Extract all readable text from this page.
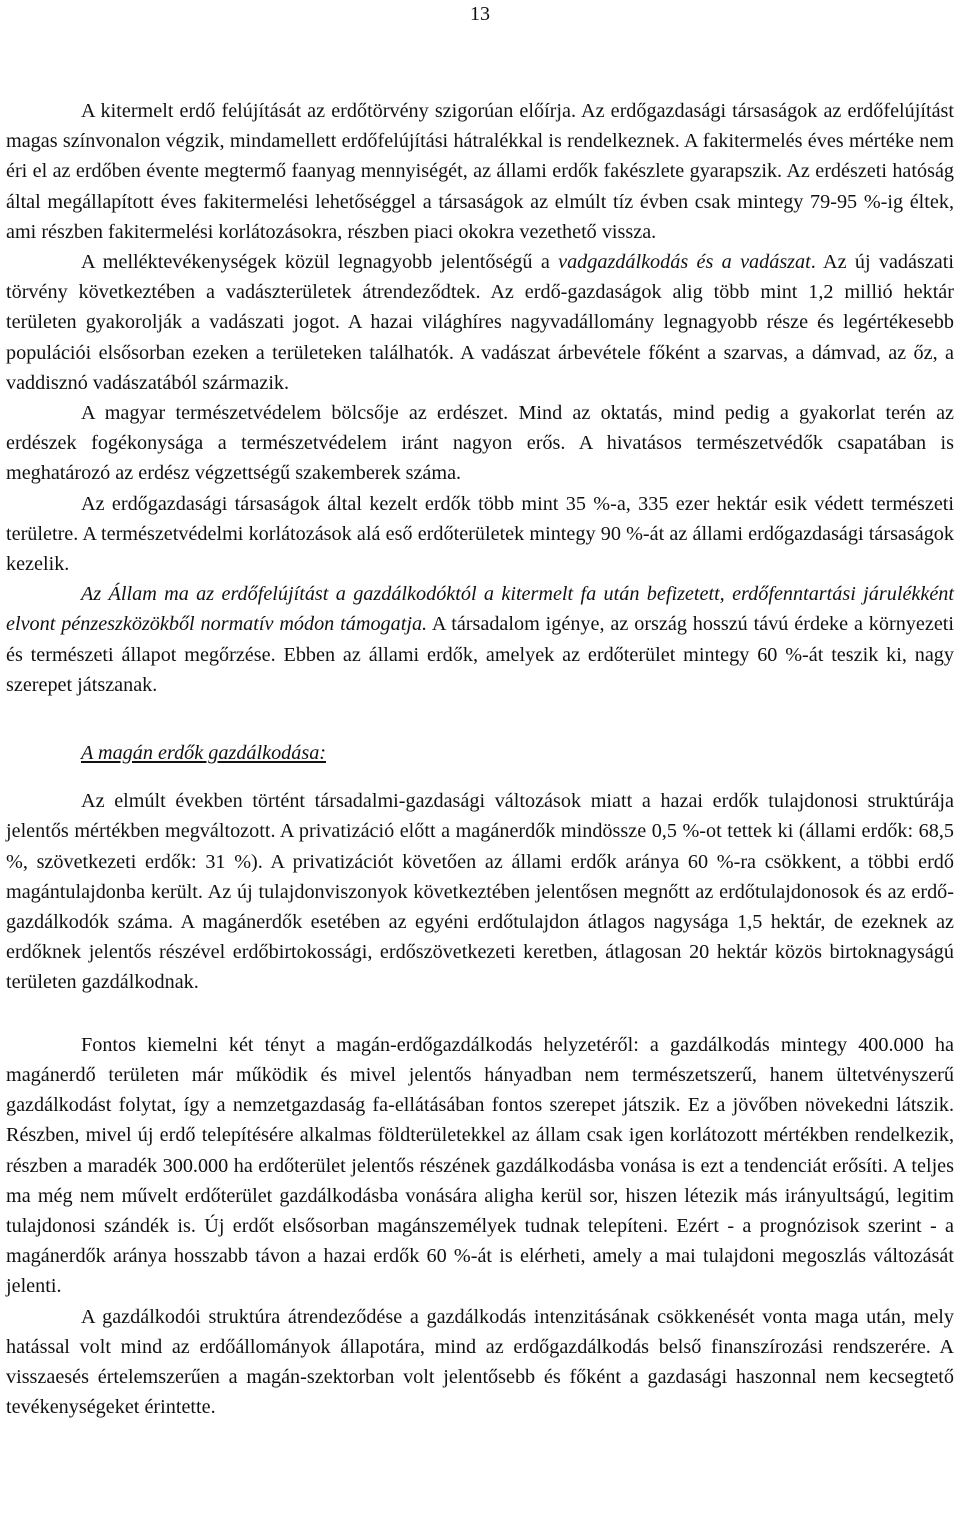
13

A kitermelt erdő felújítását az erdőtörvény szigorúan előírja. Az erdőgazdasági társaságok az erdőfelújítást magas színvonalon végzik, mindamellett erdőfelújítási hátralékkal is rendelkeznek. A fakitermelés éves mértéke nem éri el az erdőben évente megtermő faanyag mennyiségét, az állami erdők fakészlete gyarapszik. Az erdészeti hatóság által megállapított éves fakitermelési lehetőséggel a társaságok az elmúlt tíz évben csak mintegy 79-95 %-ig éltek, ami részben fakitermelési korlátozásokra, részben piaci okokra vezethető vissza.

A melléktevékenységek közül legnagyobb jelentőségű a vadgazdálkodás és a vadászat. Az új vadászati törvény következtében a vadászterületek átrendeződtek. Az erdő-gazdaságok alig több mint 1,2 millió hektár területen gyakorolják a vadászati jogot. A hazai világhíres nagyvadállomány legnagyobb része és legértékesebb populációi elsősorban ezeken a területeken találhatók. A vadászat árbevétele főként a szarvas, a dámvad, az őz, a vaddisznó vadászatából származik.

A magyar természetvédelem bölcsője az erdészet. Mind az oktatás, mind pedig a gyakorlat terén az erdészek fogékonysága a természetvédelem iránt nagyon erős. A hivatásos természetvédők csapatában is meghatározó az erdész végzettségű szakemberek száma.

Az erdőgazdasági társaságok által kezelt erdők több mint 35 %-a, 335 ezer hektár esik védett természeti területre. A természetvédelmi korlátozások alá eső erdőterületek mintegy 90 %-át az állami erdőgazdasági társaságok kezelik.

Az Állam ma az erdőfelújítást a gazdálkodóktól a kitermelt fa után befizetett, erdőfenntartási járulékként elvont pénzeszközökből normatív módon támogatja. A társadalom igénye, az ország hosszú távú érdeke a környezeti és természeti állapot megőrzése. Ebben az állami erdők, amelyek az erdőterület mintegy 60 %-át teszik ki, nagy szerepet játszanak.

A magán erdők gazdálkodása:

Az elmúlt években történt társadalmi-gazdasági változások miatt a hazai erdők tulajdonosi struktúrája jelentős mértékben megváltozott. A privatizáció előtt a magánerdők mindössze 0,5 %-ot tettek ki (állami erdők: 68,5 %, szövetkezeti erdők: 31 %). A privatizációt követően az állami erdők aránya 60 %-ra csökkent, a többi erdő magántulajdonba került. Az új tulajdonviszonyok következtében jelentősen megnőtt az erdőtulajdonosok és az erdő-gazdálkodók száma. A magánerdők esetében az egyéni erdőtulajdon átlagos nagysága 1,5 hektár, de ezeknek az erdőknek jelentős részével erdőbirtokossági, erdőszövetkezeti keretben, átlagosan 20 hektár közös birtoknagyságú területen gazdálkodnak.

Fontos kiemelni két tényt a magán-erdőgazdálkodás helyzetéről: a gazdálkodás mintegy 400.000 ha magánerdő területen már működik és mivel jelentős hányadban nem természetszerű, hanem ültetvényszerű gazdálkodást folytat, így a nemzetgazdaság fa-ellátásában fontos szerepet játszik. Ez a jövőben növekedni látszik. Részben, mivel új erdő telepítésére alkalmas földterületekkel az állam csak igen korlátozott mértékben rendelkezik, részben a maradék 300.000 ha erdőterület jelentős részének gazdálkodásba vonása is ezt a tendenciát erősíti. A teljes ma még nem művelt erdőterület gazdálkodásba vonására aligha kerül sor, hiszen létezik más irányultságú, legitim tulajdonosi szándék is. Új erdőt elsősorban magánszemélyek tudnak telepíteni. Ezért - a prognózisok szerint - a magánerdők aránya hosszabb távon a hazai erdők 60 %-át is elérheti, amely a mai tulajdoni megoszlás változását jelenti.

A gazdálkodói struktúra átrendeződése a gazdálkodás intenzitásának csökkenését vonta maga után, mely hatással volt mind az erdőállományok állapotára, mind az erdőgazdálkodás belső finanszírozási rendszerére. A visszaesés értelemszerűen a magán-szektorban volt jelentősebb és főként a gazdasági haszonnal nem kecsegtető tevékenységeket érintette.
